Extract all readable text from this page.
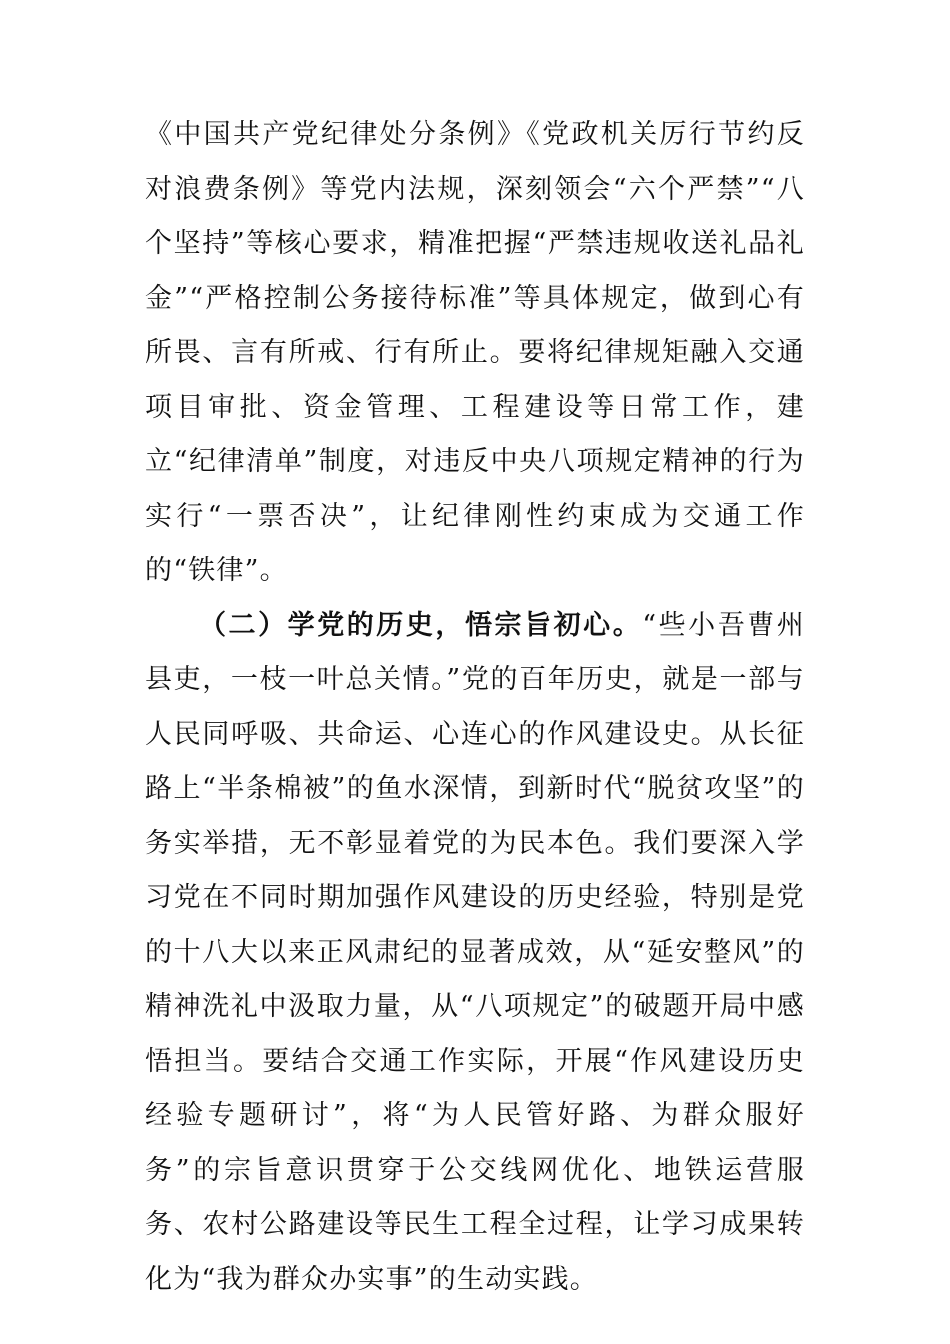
《中国共产党纪律处分条例》《党政机关厉行节约反对浪费条例》等党内法规，深刻领会“六个严禁”“八个坚持”等核心要求，精准把握“严禁违规收送礼品礼金”“严格控制公务接待标准”等具体规定，做到心有所畏、言有所戒、行有所止。要将纪律规矩融入交通项目审批、资金管理、工程建设等日常工作，建立“纪律清单”制度，对违反中央八项规定精神的行为实行“一票否决”，让纪律刚性约束成为交通工作的“铁律”。

（二）学党的历史，悟宗旨初心。“些小吾曹州县吏，一枝一叶总关情。”党的百年历史，就是一部与人民同呼吸、共命运、心连心的作风建设史。从长征路上“半条棉被”的鱼水深情，到新时代“脱贫攻坚”的务实举措，无不彰显着党的为民本色。我们要深入学习党在不同时期加强作风建设的历史经验，特别是党的十八大以来正风肃纪的显著成效，从“延安整风”的精神洗礼中汲取力量，从“八项规定”的破题开局中感悟担当。要结合交通工作实际，开展“作风建设历史经验专题研讨”，将“为人民管好路、为群众服好务”的宗旨意识贯穿于公交线网优化、地铁运营服务、农村公路建设等民生工程全过程，让学习成果转化为“我为群众办实事”的生动实践。
